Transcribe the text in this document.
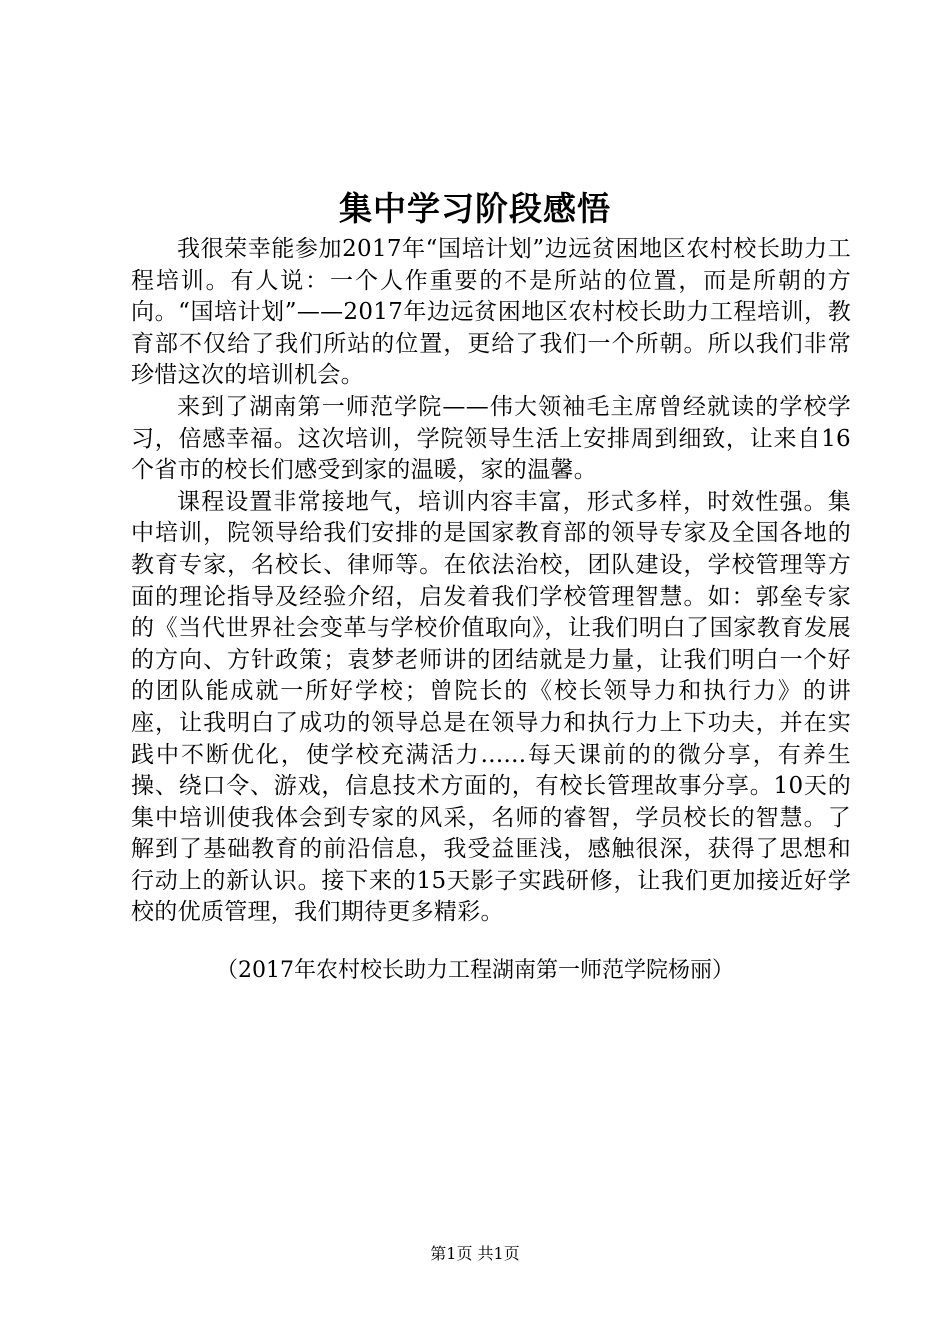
集中学习阶段感悟

我很荣幸能参加2017年“国培计划”边远贫困地区农村校长助力工程培训。有人说：一个人作重要的不是所站的位置，而是所朝的方向。“国培计划”——2017年边远贫困地区农村校长助力工程培训，教育部不仅给了我们所站的位置，更给了我们一个所朝。所以我们非常珍惜这次的培训机会。

来到了湖南第一师范学院——伟大领袖毛主席曾经就读的学校学习，倍感幸福。这次培训，学院领导生活上安排周到细致，让来自16个省市的校长们感受到家的温暖，家的温馨。

课程设置非常接地气，培训内容丰富，形式多样，时效性强。集中培训，院领导给我们安排的是国家教育部的领导专家及全国各地的教育专家，名校长、律师等。在依法治校，团队建设，学校管理等方面的理论指导及经验介绍，启发着我们学校管理智慧。如：郭垒专家的《当代世界社会变革与学校价值取向》，让我们明白了国家教育发展的方向、方针政策；袁梦老师讲的团结就是力量，让我们明白一个好的团队能成就一所好学校；曾院长的《校长领导力和执行力》的讲座，让我明白了成功的领导总是在领导力和执行力上下功夫，并在实践中不断优化，使学校充满活力......每天课前的的微分享，有养生操、绕口令、游戏，信息技术方面的，有校长管理故事分享。10天的集中培训使我体会到专家的风采，名师的睿智，学员校长的智慧。了解到了基础教育的前沿信息，我受益匪浅，感触很深，获得了思想和行动上的新认识。接下来的15天影子实践研修，让我们更加接近好学校的优质管理，我们期待更多精彩。

（2017年农村校长助力工程湖南第一师范学院杨丽）

第1页 共1页
